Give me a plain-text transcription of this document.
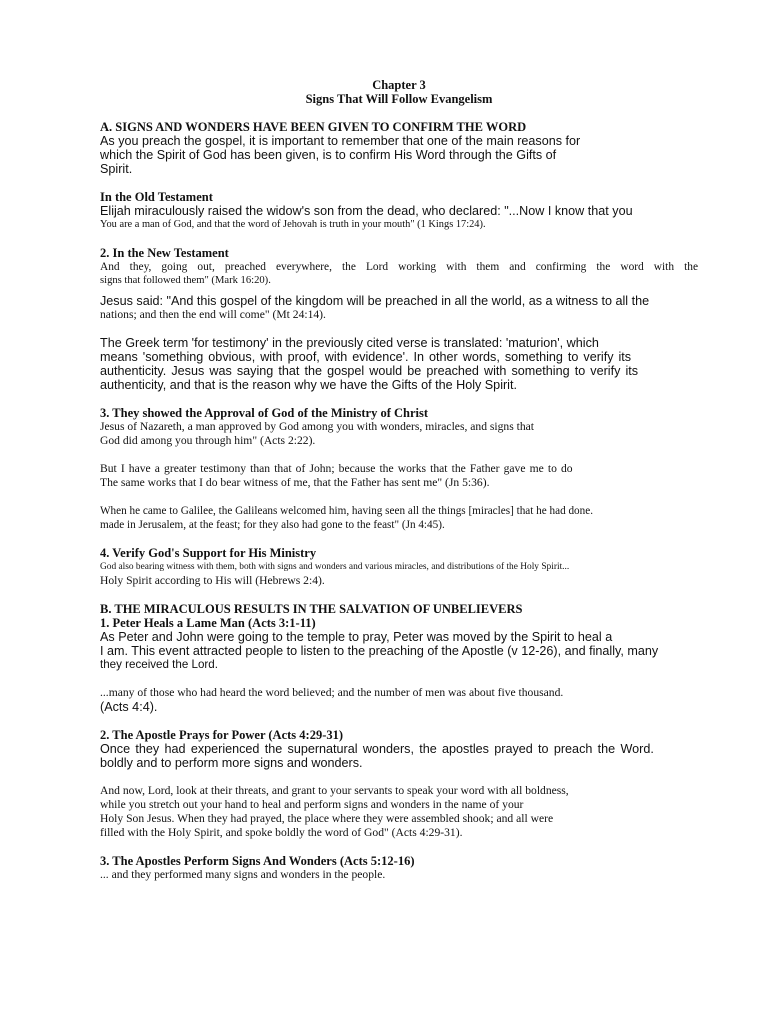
Chapter 3

Signs That Will Follow Evangelism

A. SIGNS AND WONDERS HAVE BEEN GIVEN TO CONFIRM THE WORD

As you preach the gospel, it is important to remember that one of the main reasons for
which the Spirit of God has been given, is to confirm His Word through the Gifts of
Spirit.

In the Old Testament

Elijah miraculously raised the widow's son from the dead, who declared: "...Now I know that you

You are a man of God, and that the word of Jehovah is truth in your mouth" (1 Kings 17:24).

2. In the New Testament

And they, going out, preached everywhere, the Lord working with them and confirming the word with the
signs that followed them" (Mark 16:20).

Jesus said: "And this gospel of the kingdom will be preached in all the world, as a witness to all the

nations; and then the end will come" (Mt 24:14).

The Greek term 'for testimony' in the previously cited verse is translated: 'maturion', which
means 'something obvious, with proof, with evidence'. In other words, something to verify its
authenticity. Jesus was saying that the gospel would be preached with something to verify its
authenticity, and that is the reason why we have the Gifts of the Holy Spirit.

3. They showed the Approval of God of the Ministry of Christ

Jesus of Nazareth, a man approved by God among you with wonders, miracles, and signs that
God did among you through him" (Acts 2:22).
But I have a greater testimony than that of John; because the works that the Father gave me to do
The same works that I do bear witness of me, that the Father has sent me" (Jn 5:36).
When he came to Galilee, the Galileans welcomed him, having seen all the things [miracles] that he had done.
made in Jerusalem, at the feast; for they also had gone to the feast" (Jn 4:45).

4. Verify God's Support for His Ministry

God also bearing witness with them, both with signs and wonders and various miracles, and distributions of the Holy Spirit...

Holy Spirit according to His will (Hebrews 2:4).

B. THE MIRACULOUS RESULTS IN THE SALVATION OF UNBELIEVERS

1. Peter Heals a Lame Man (Acts 3:1-11)

As Peter and John were going to the temple to pray, Peter was moved by the Spirit to heal a
I am. This event attracted people to listen to the preaching of the Apostle (v 12-26), and finally, many
they received the Lord.

...many of those who had heard the word believed; and the number of men was about five thousand.

(Acts 4:4).

2. The Apostle Prays for Power (Acts 4:29-31)

Once they had experienced the supernatural wonders, the apostles prayed to preach the Word.
boldly and to perform more signs and wonders.
And now, Lord, look at their threats, and grant to your servants to speak your word with all boldness,
while you stretch out your hand to heal and perform signs and wonders in the name of your
Holy Son Jesus. When they had prayed, the place where they were assembled shook; and all were
filled with the Holy Spirit, and spoke boldly the word of God" (Acts 4:29-31).

3. The Apostles Perform Signs And Wonders (Acts 5:12-16)

... and they performed many signs and wonders in the people.
